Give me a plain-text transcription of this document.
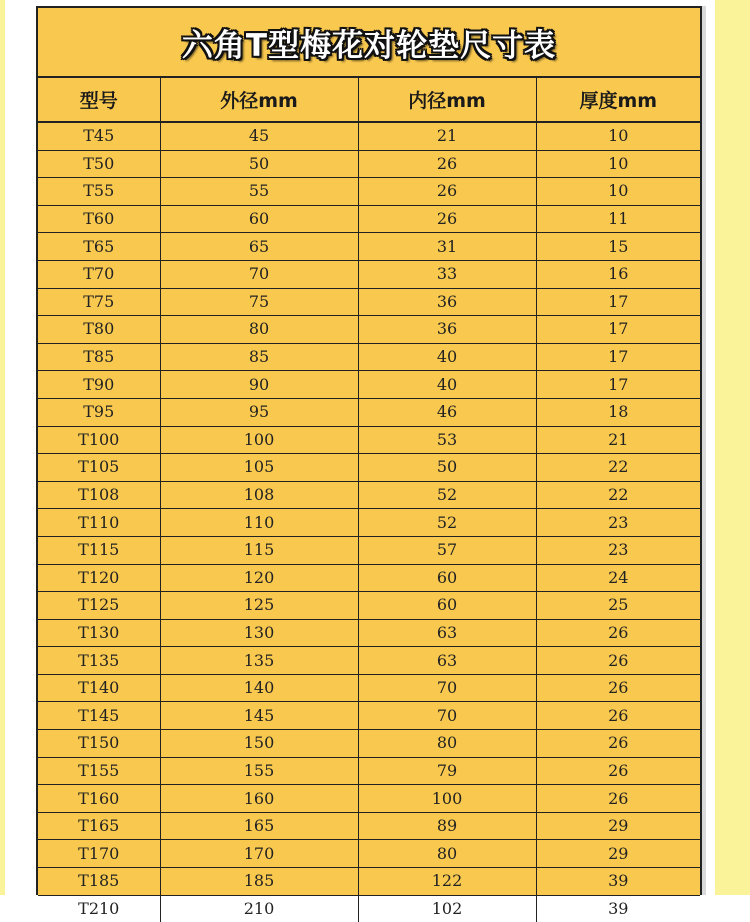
六角T型梅花对轮垫尺寸表
型号	外径mm	内径mm	厚度mm
T45	45	21	10
T50	50	26	10
T55	55	26	10
T60	60	26	11
T65	65	31	15
T70	70	33	16
T75	75	36	17
T80	80	36	17
T85	85	40	17
T90	90	40	17
T95	95	46	18
T100	100	53	21
T105	105	50	22
T108	108	52	22
T110	110	52	23
T115	115	57	23
T120	120	60	24
T125	125	60	25
T130	130	63	26
T135	135	63	26
T140	140	70	26
T145	145	70	26
T150	150	80	26
T155	155	79	26
T160	160	100	26
T165	165	89	29
T170	170	80	29
T185	185	122	39
T210	210	102	39
